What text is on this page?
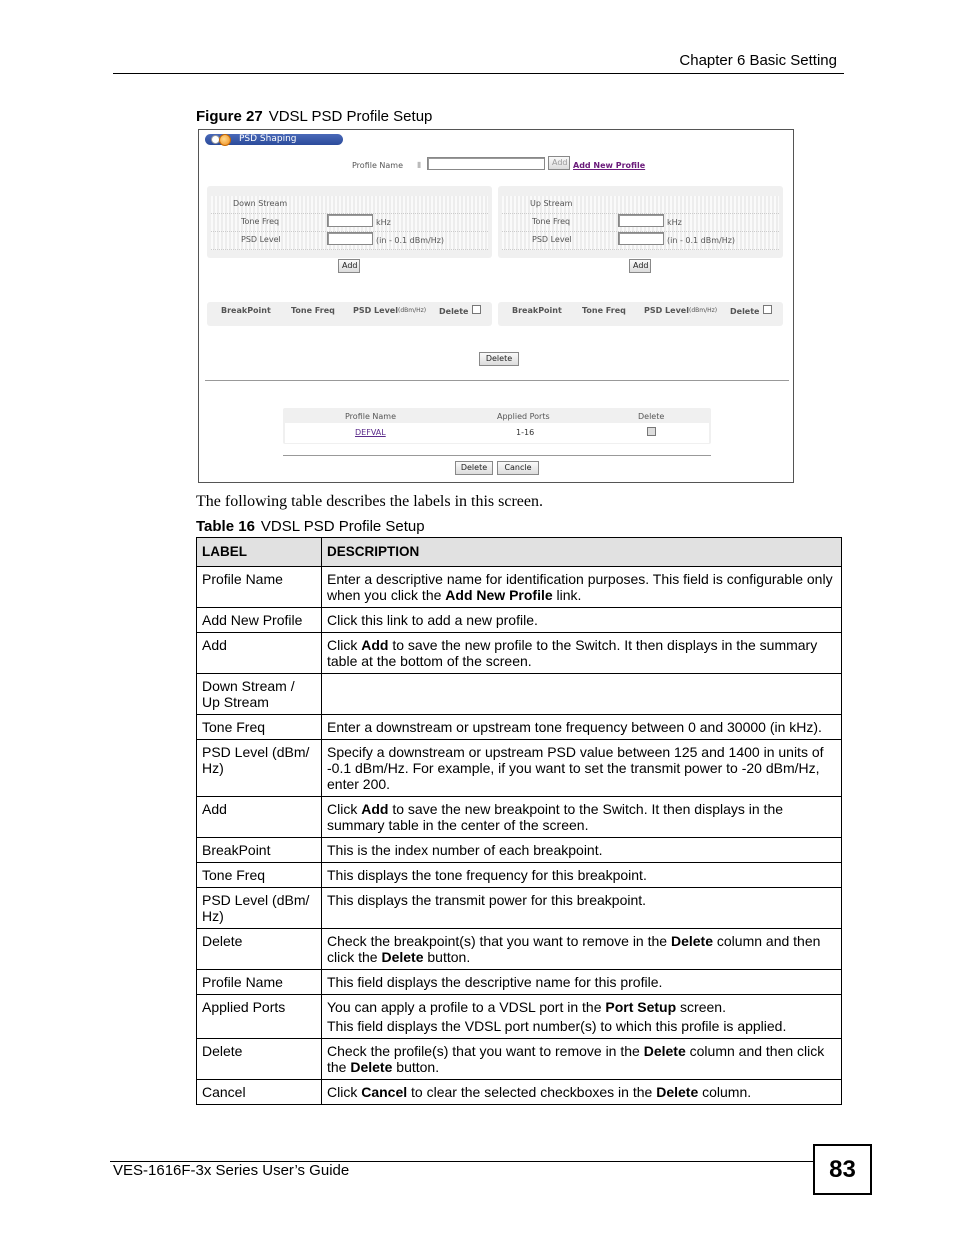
Chapter 6 Basic Setting
Figure 27 VDSL PSD Profile Setup
PSD Shaping
Profile Name ▮	Add Add New Profile
Down Stream
Tone Freq	kHz
PSD Level	(in - 0.1 dBm/Hz)
Add
Up Stream
Tone Freq	kHz
PSD Level	(in - 0.1 dBm/Hz)
Add
BreakPoint	Tone Freq PSD Level (dBm/Hz) Delete	BreakPoint	Tone Freq PSD Level (dBm/Hz) Delete
Delete
Profile Name	Applied Ports	Delete
DEFVAL	1-16
Delete	Cancle
The following table describes the labels in this screen.
Table 16 VDSL PSD Profile Setup
LABEL	DESCRIPTION
Profile Name	Enter a descriptive name for identification purposes. This field is configurable only when you click the Add New Profile link.

Add New Profile	Click this link to add a new profile.

Add	Click Add to save the new profile to the Switch. It then displays in the summary table at the bottom of the screen.

Down Stream / Up Stream	

Tone Freq	Enter a downstream or upstream tone frequency between 0 and 30000 (in kHz).

PSD Level (dBm/ Hz)	Specify a downstream or upstream PSD value between 125 and 1400 in units of -0.1 dBm/Hz. For example, if you want to set the transmit power to -20 dBm/Hz, enter 200.

Add	Click Add to save the new breakpoint to the Switch. It then displays in the summary table in the center of the screen.

BreakPoint	This is the index number of each breakpoint.

Tone Freq	This displays the tone frequency for this breakpoint.

PSD Level (dBm/ Hz)	This displays the transmit power for this breakpoint.

Delete	Check the breakpoint(s) that you want to remove in the Delete column and then click the Delete button.

Profile Name	This field displays the descriptive name for this profile.

Applied Ports	You can apply a profile to a VDSL port in the Port Setup screen.

This field displays the VDSL port number(s) to which this profile is applied.

Delete	Check the profile(s) that you want to remove in the Delete column and then click the Delete button.

Cancel	Click Cancel to clear the selected checkboxes in the Delete column.

VES-1616F-3x Series User’s Guide	83
